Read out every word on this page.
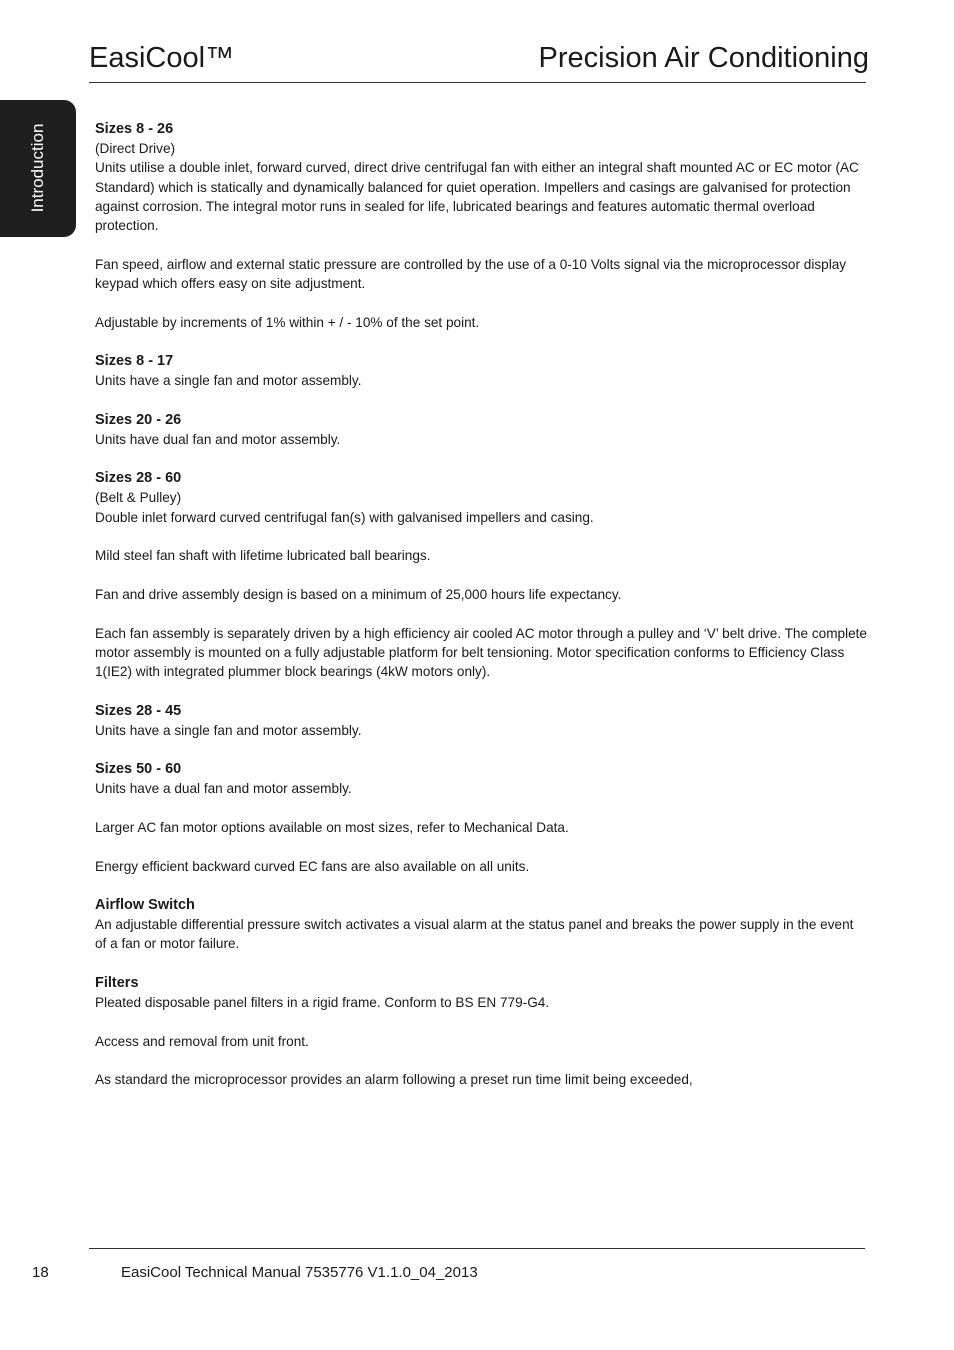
EasiCool™	Precision Air Conditioning
Introduction	Sizes 8 - 26
(Direct Drive)

Units utilise a double inlet, forward curved, direct drive centrifugal fan with either an integral shaft mounted AC or EC motor (AC Standard) which is statically and dynamically balanced for quiet operation. Impellers and casings are galvanised for protection against corrosion. The integral motor runs in sealed for life, lubricated bearings and features automatic thermal overload protection.

Fan speed, airflow and external static pressure are controlled by the use of a 0-10 Volts signal via the microprocessor display keypad which offers easy on site adjustment.

Adjustable by increments of 1% within + / - 10% of the set point.

Sizes 8 - 17

Units have a single fan and motor assembly.

Sizes 20 - 26

Units have dual fan and motor assembly.

Sizes 28 - 60
(Belt & Pulley)

Double inlet forward curved centrifugal fan(s) with galvanised impellers and casing.

Mild steel fan shaft with lifetime lubricated ball bearings.

Fan and drive assembly design is based on a minimum of 25,000 hours life expectancy.

Each fan assembly is separately driven by a high efficiency air cooled AC motor through a pulley and ‘V’ belt drive. The complete motor assembly is mounted on a fully adjustable platform for belt tensioning. Motor specification conforms to Efficiency Class 1(IE2) with integrated plummer block bearings (4kW motors only).

Sizes 28 - 45

Units have a single fan and motor assembly.

Sizes 50 - 60

Units have a dual fan and motor assembly.

Larger AC fan motor options available on most sizes, refer to Mechanical Data.

Energy efficient backward curved EC fans are also available on all units.

Airflow Switch

An adjustable differential pressure switch activates a visual alarm at the status panel and breaks the power supply in the event of a fan or motor failure.

Filters

Pleated disposable panel filters in a rigid frame. Conform to BS EN 779-G4.

Access and removal from unit front.

As standard the microprocessor provides an alarm following a preset run time limit being exceeded,

18	EasiCool Technical Manual 7535776 V1.1.0_04_2013
